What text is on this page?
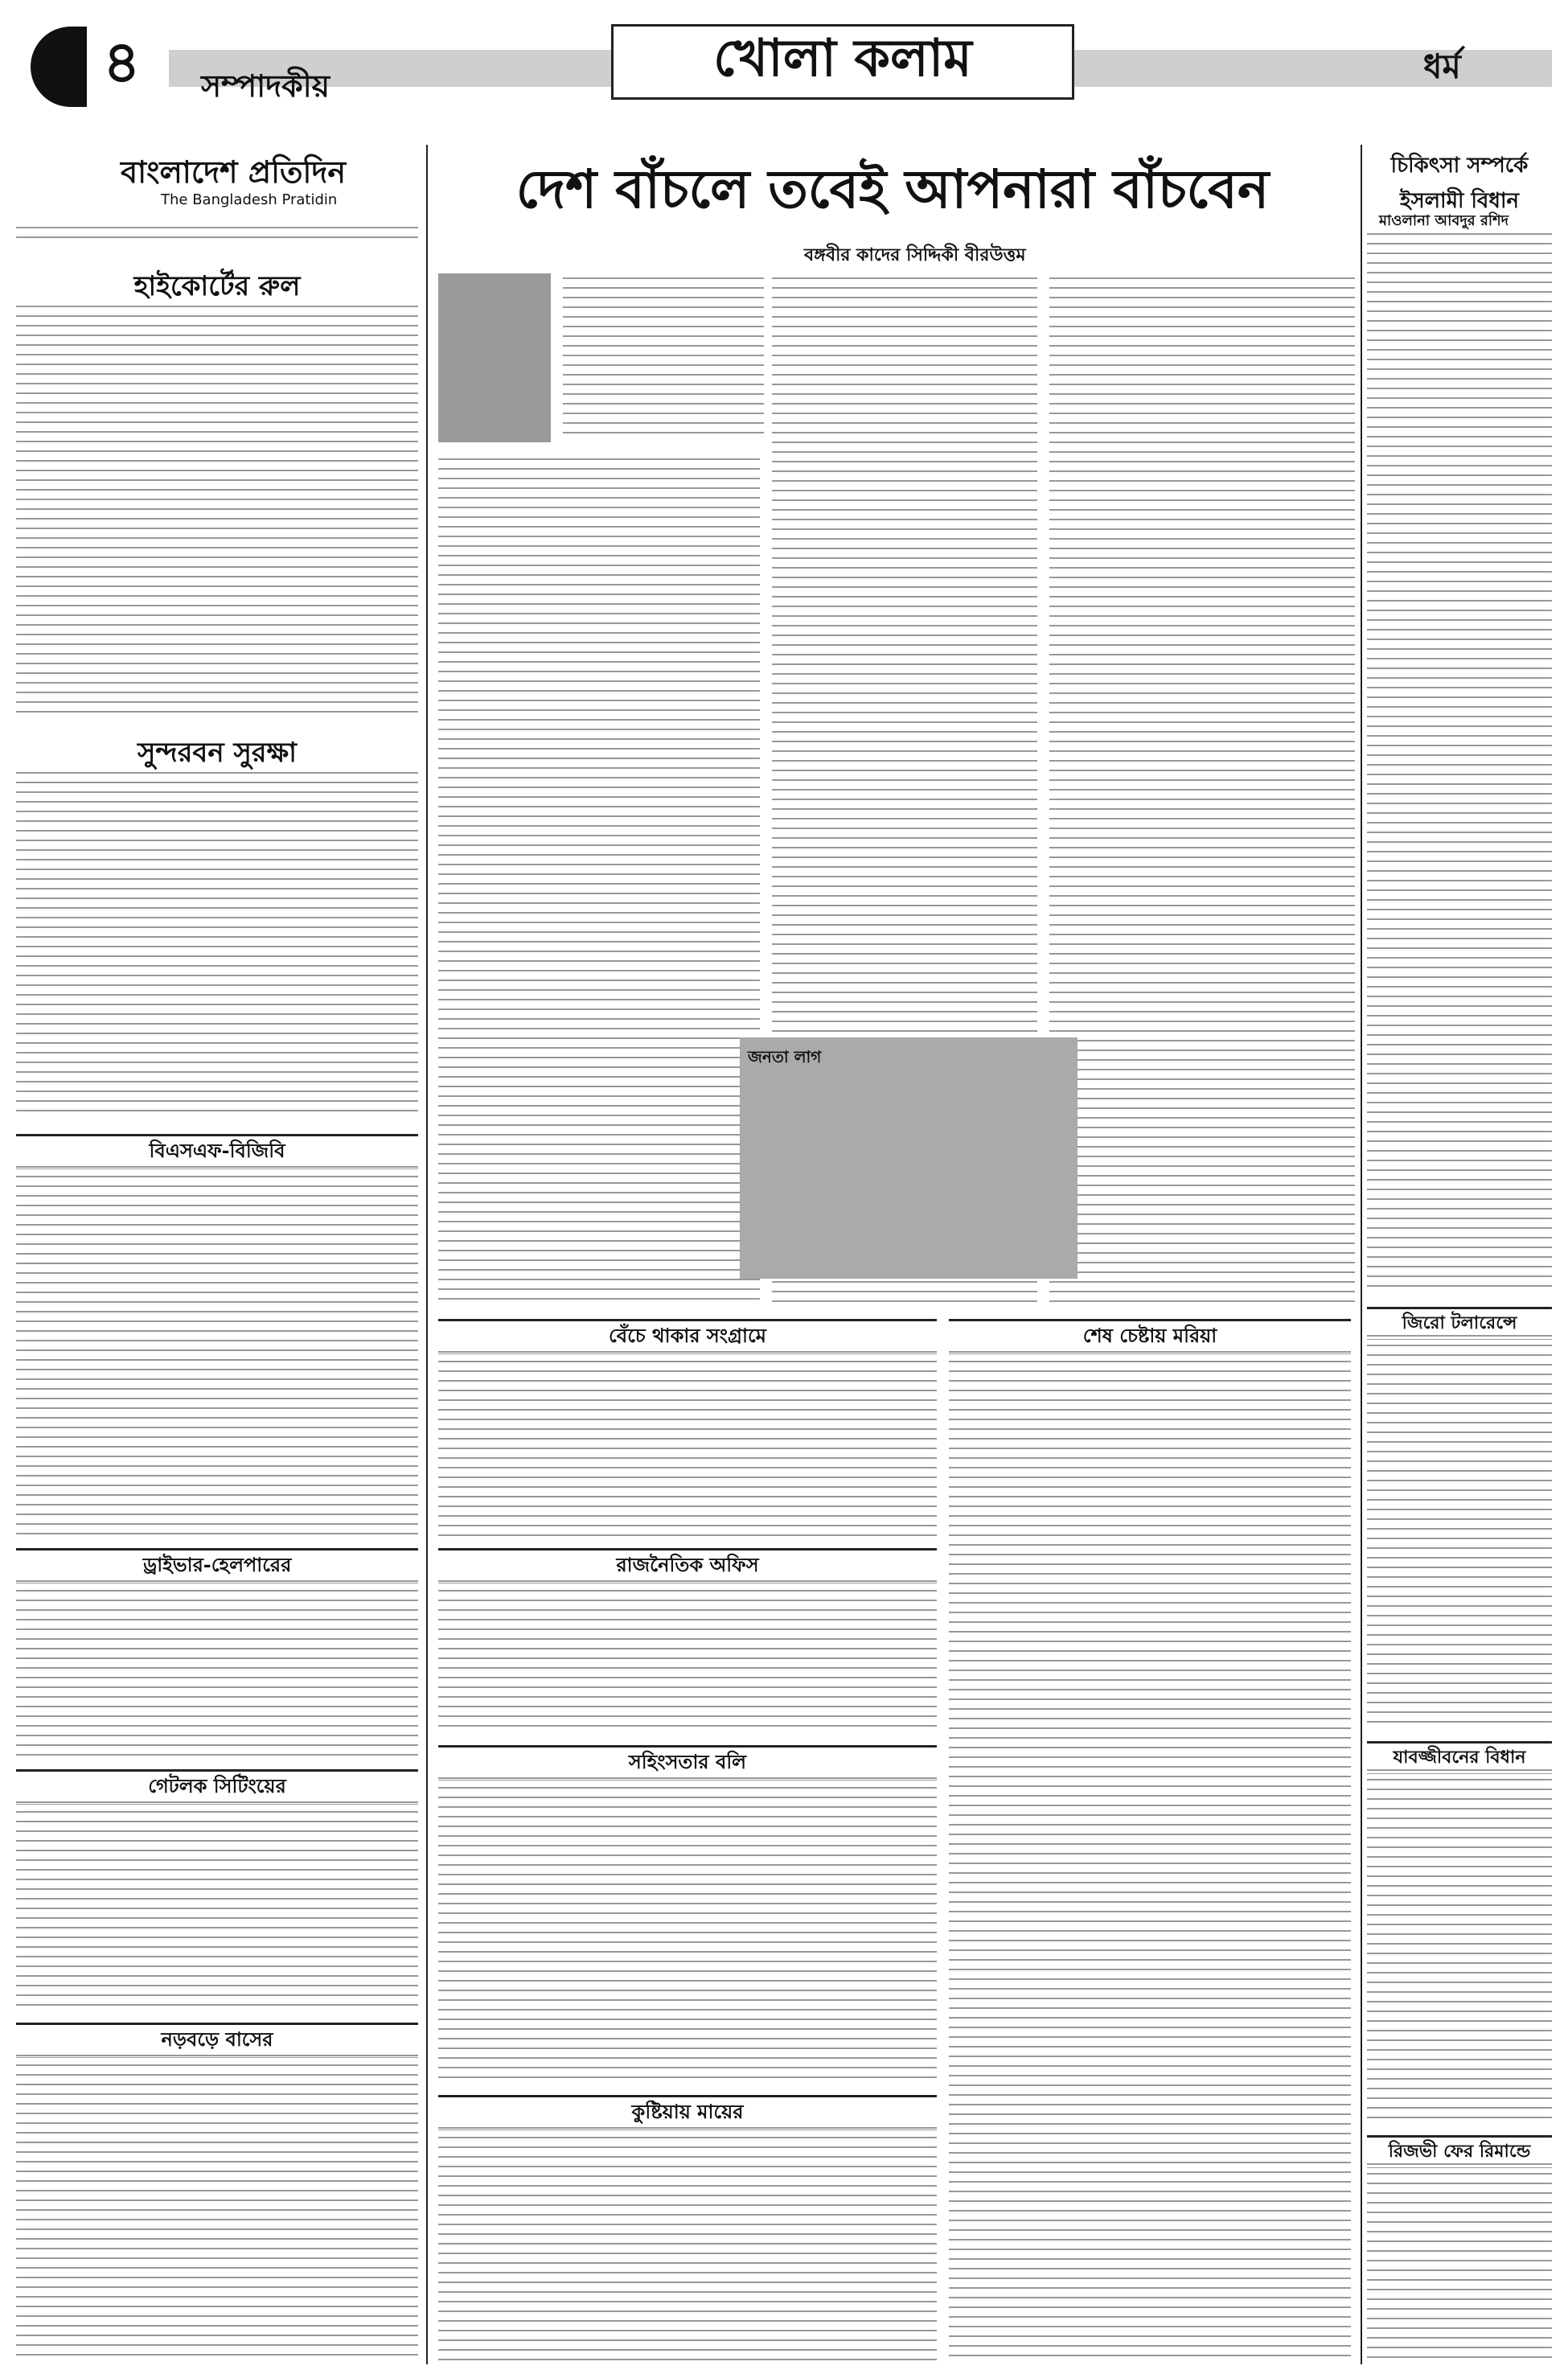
৪ সম্পাদকীয়	খোলা কলাম	ধর্ম
বাংলাদেশ প্রতিদিন
The Bangladesh Pratidin
হাইকোর্টের রুল
সুন্দরবন সুরক্ষা
বিএসএফ-বিজিবি
ড্রাইভার-হেলপারের
গেটলক সিটিংয়ের
নড়বড়ে বাসের
দেশ বাঁচলে তবেই আপনারা বাঁচবেন
বঙ্গবীর কাদের সিদ্দিকী বীরউত্তম
জনতা লাগ
বেঁচে থাকার সংগ্রামে
রাজনৈতিক অফিস
সহিংসতার বলি
কুষ্টিয়ায় মায়ের
শেষ চেষ্টায় মরিয়া
চিকিৎসা সম্পর্কে ইসলামী বিধান
মাওলানা আবদুর রশিদ
জিরো টলারেন্সে
যাবজ্জীবনের বিধান
রিজভী ফের রিমান্ডে
